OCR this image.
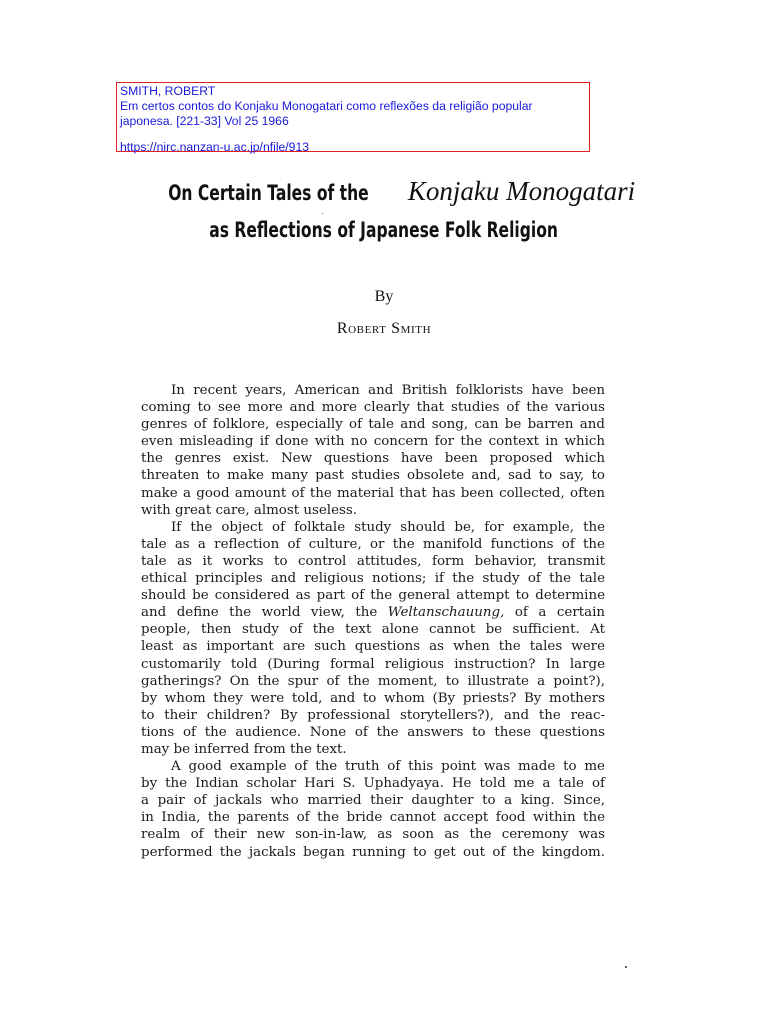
SMITH, ROBERT
Em certos contos do Konjaku Monogatari como reflexões da religião popular
japonesa. [221-33] Vol 25 1966
https://nirc.nanzan-u.ac.jp/nfile/913
On Certain Tales of the Konjaku Monogatari
as Reflections of Japanese Folk Religion
By
Robert Smith
In recent years, American and British folklorists have been
coming to see more and more clearly that studies of the various
genres of folklore, especially of tale and song, can be barren and
even misleading if done with no concern for the context in which
the genres exist. New questions have been proposed which
threaten to make many past studies obsolete and, sad to say, to
make a good amount of the material that has been collected, often
with great care, almost useless.
If the object of folktale study should be, for example, the
tale as a reflection of culture, or the manifold functions of the
tale as it works to control attitudes, form behavior, transmit
ethical principles and religious notions; if the study of the tale
should be considered as part of the general attempt to determine
and define the world view, the Weltanschauung, of a certain
people, then study of the text alone cannot be sufficient. At
least as important are such questions as when the tales were
customarily told (During formal religious instruction? In large
gatherings? On the spur of the moment, to illustrate a point?),
by whom they were told, and to whom (By priests? By mothers
to their children? By professional storytellers?), and the reac-
tions of the audience. None of the answers to these questions
may be inferred from the text.
A good example of the truth of this point was made to me
by the Indian scholar Hari S. Uphadyaya. He told me a tale of
a pair of jackals who married their daughter to a king. Since,
in India, the parents of the bride cannot accept food within the
realm of their new son-in-law, as soon as the ceremony was
performed the jackals began running to get out of the kingdom.
